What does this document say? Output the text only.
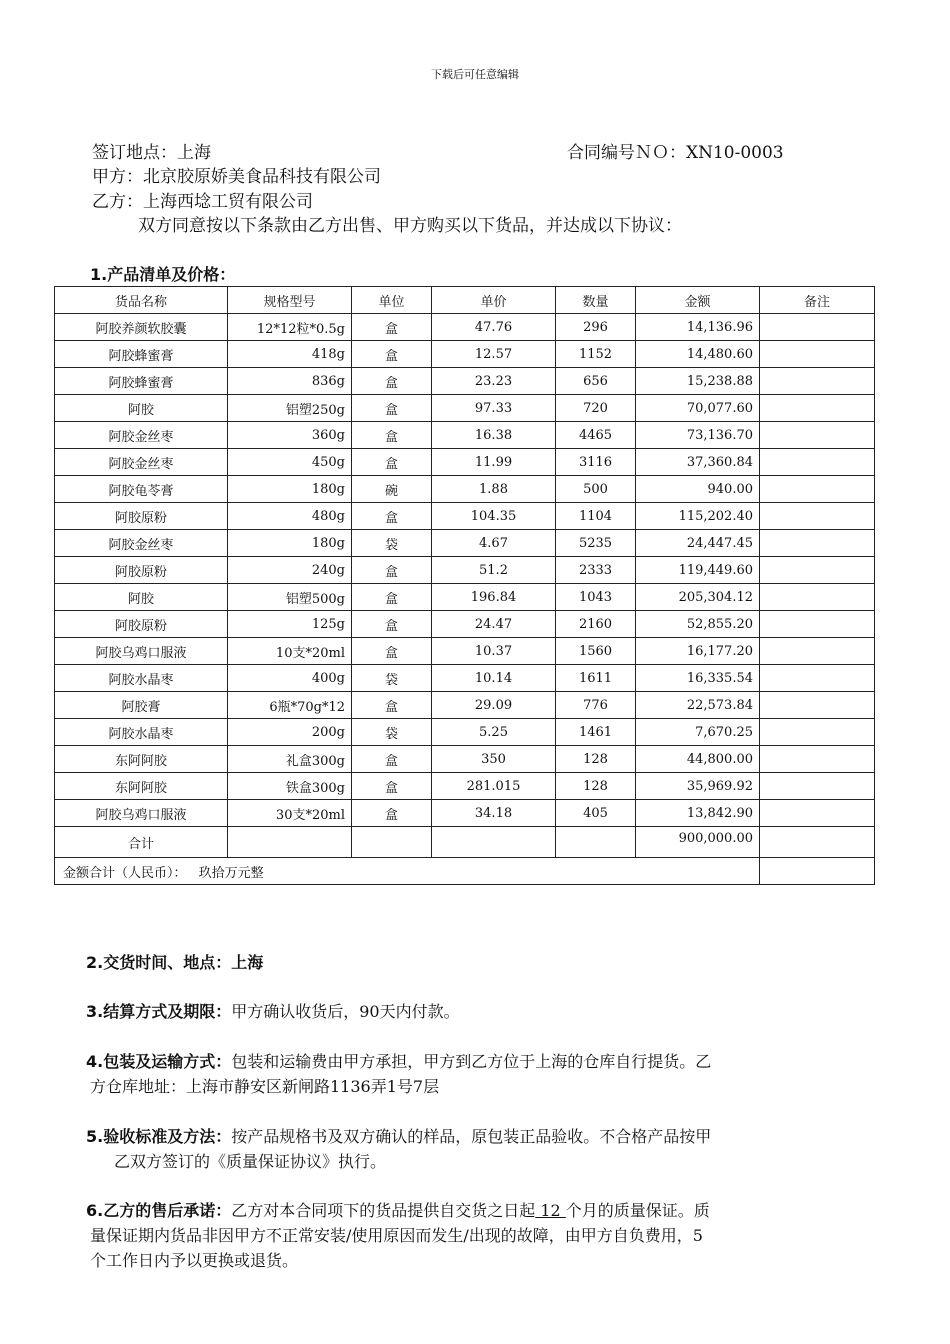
下载后可任意编辑
签订地点：上海	合同编号ＮＯ：XN10-0003
甲方：北京胶原娇美食品科技有限公司
乙方：上海西埝工贸有限公司
双方同意按以下条款由乙方出售、甲方购买以下货品，并达成以下协议：
1.产品清单及价格：
货品名称	规格型号	单位	单价	数量	金额	备注
阿胶养颜软胶囊	12*12粒*0.5g	盒	47.76	296	14,136.96	
阿胶蜂蜜膏	418g	盒	12.57	1152	14,480.60	
阿胶蜂蜜膏	836g	盒	23.23	656	15,238.88	
阿胶	铝塑250g	盒	97.33	720	70,077.60	
阿胶金丝枣	360g	盒	16.38	4465	73,136.70	
阿胶金丝枣	450g	盒	11.99	3116	37,360.84	
阿胶龟苓膏	180g	碗	1.88	500	940.00	
阿胶原粉	480g	盒	104.35	1104	115,202.40	
阿胶金丝枣	180g	袋	4.67	5235	24,447.45	
阿胶原粉	240g	盒	51.2	2333	119,449.60	
阿胶	铝塑500g	盒	196.84	1043	205,304.12	
阿胶原粉	125g	盒	24.47	2160	52,855.20	
阿胶乌鸡口服液	10支*20ml	盒	10.37	1560	16,177.20	
阿胶水晶枣	400g	袋	10.14	1611	16,335.54	
阿胶膏	6瓶*70g*12	盒	29.09	776	22,573.84	
阿胶水晶枣	200g	袋	5.25	1461	7,670.25	
东阿阿胶	礼盒300g	盒	350	128	44,800.00	
东阿阿胶	铁盒300g	盒	281.015	128	35,969.92	
阿胶乌鸡口服液	30支*20ml	盒	34.18	405	13,842.90	
合计					900,000.00	
金额合计（人民币）： 玖拾万元整						
2.交货时间、地点：上海
3.结算方式及期限：甲方确认收货后，90天内付款。
4.包装及运输方式：包装和运输费由甲方承担，甲方到乙方位于上海的仓库自行提货。乙
方仓库地址：上海市静安区新闸路1136弄1号7层
5.验收标准及方法：按产品规格书及双方确认的样品，原包装正品验收。不合格产品按甲
乙双方签订的《质量保证协议》执行。
6.乙方的售后承诺：乙方对本合同项下的货品提供自交货之日起 12 个月的质量保证。质
量保证期内货品非因甲方不正常安装/使用原因而发生/出现的故障，由甲方自负费用，5
个工作日内予以更换或退货。
